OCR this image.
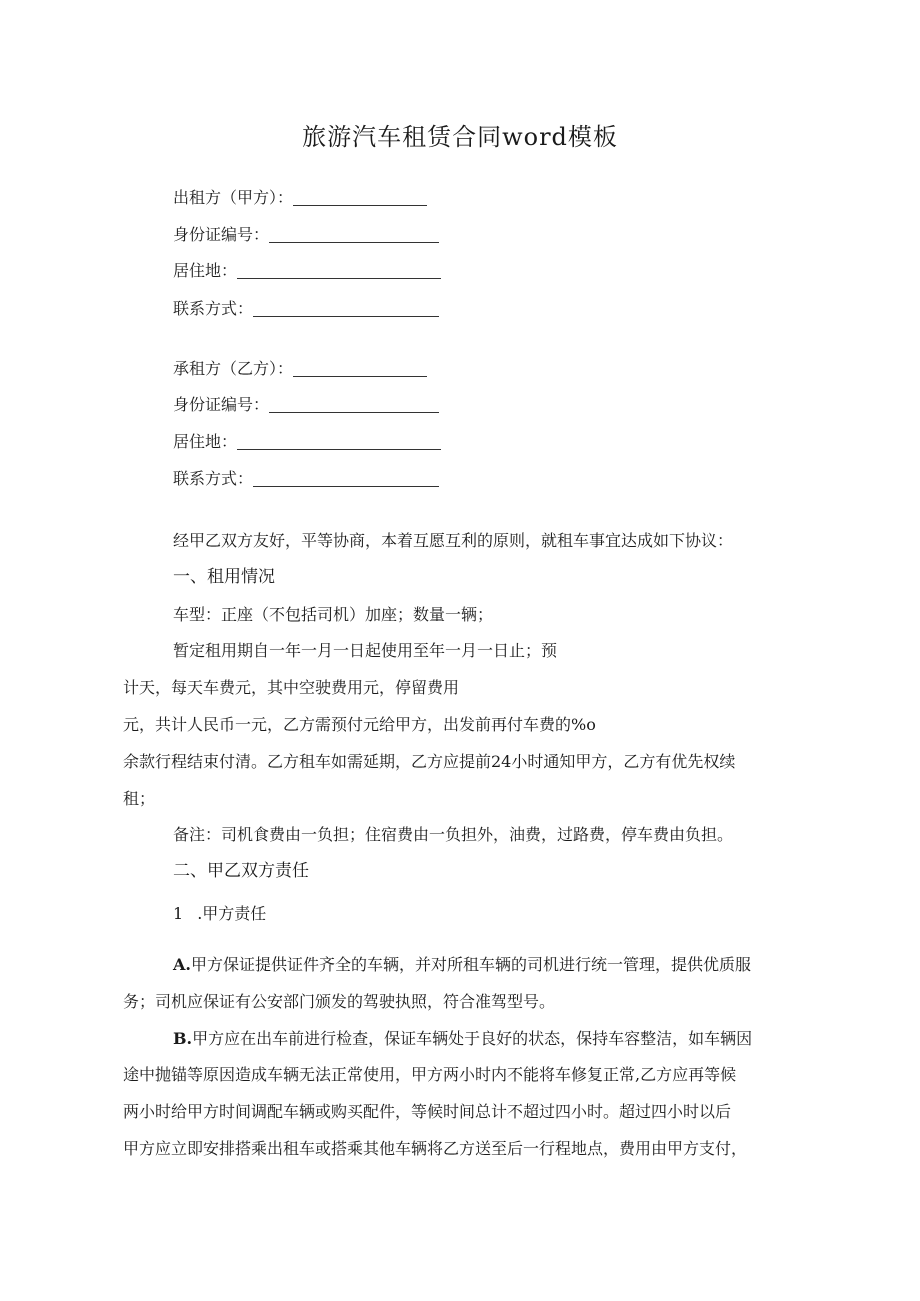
旅游汽车租赁合同word模板
出租方（甲方）：
身份证编号：
居住地：
联系方式：
承租方（乙方）：
身份证编号：
居住地：
联系方式：
经甲乙双方友好，平等协商，本着互愿互利的原则，就租车事宜达成如下协议：
一、租用情况
车型：正座（不包括司机）加座；数量一辆；
暂定租用期自一年一月一日起使用至年一月一日止；预
计天，每天车费元，其中空驶费用元，停留费用
元，共计人民币一元，乙方需预付元给甲方，出发前再付车费的%o
余款行程结束付清。乙方租车如需延期，乙方应提前24小时通知甲方，乙方有优先权续
租；
备注：司机食费由一负担；住宿费由一负担外，油费，过路费，停车费由负担。
二、甲乙双方责任
1 .甲方责任
A.甲方保证提供证件齐全的车辆，并对所租车辆的司机进行统一管理，提供优质服
务；司机应保证有公安部门颁发的驾驶执照，符合准驾型号。
B.甲方应在出车前进行检查，保证车辆处于良好的状态，保持车容整洁，如车辆因
途中抛锚等原因造成车辆无法正常使用，甲方两小时内不能将车修复正常,乙方应再等候
两小时给甲方时间调配车辆或购买配件，等候时间总计不超过四小时。超过四小时以后
甲方应立即安排搭乘出租车或搭乘其他车辆将乙方送至后一行程地点，费用由甲方支付，
